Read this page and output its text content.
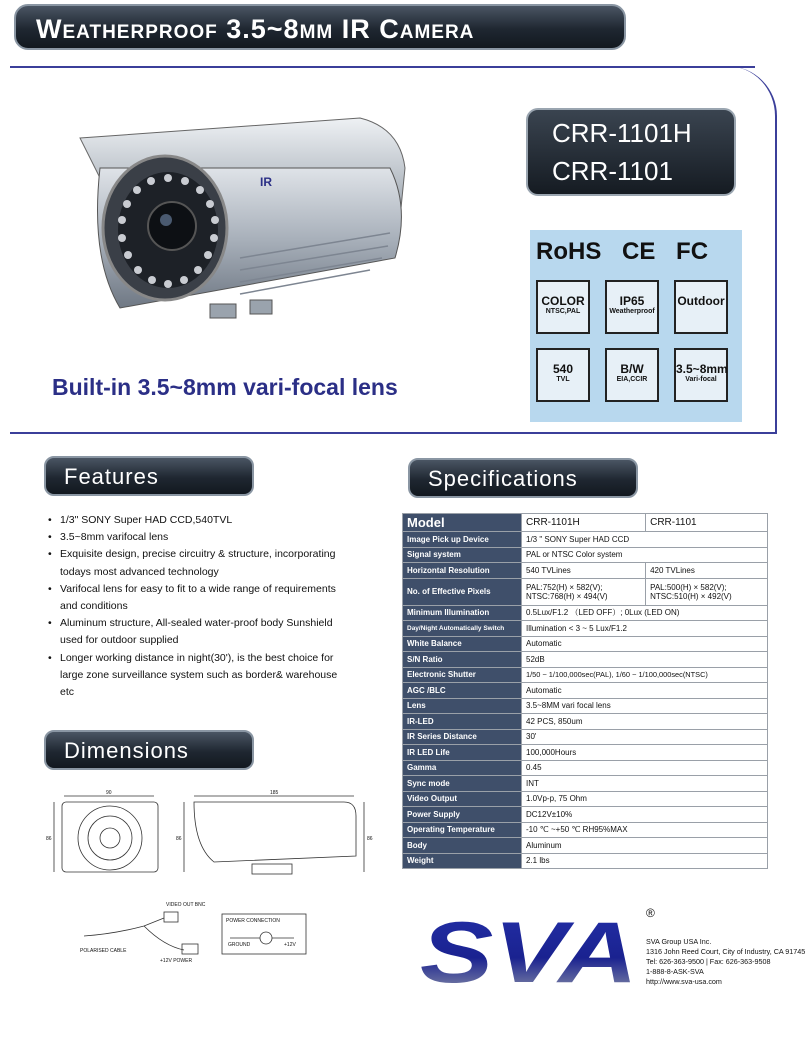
Weatherproof 3.5~8mm IR Camera
IR
Built-in 3.5~8mm vari-focal lens
CRR-1101H
CRR-1101
RoHS CE FC
COLOR
NTSC,PAL
IP65
Weatherproof
Outdoor
540
TVL
B/W
EIA,CCIR
3.5~8mm
Vari-focal
Features
• 1/3" SONY Super HAD CCD,540TVL
• 3.5~8mm varifocal lens
• Exquisite design, precise circuitry & structure, incorporating todays most advanced technology
• Varifocal lens for easy to fit to a wide range of requirements and conditions
• Aluminum structure, All-sealed water-proof body Sunshield used for outdoor supplied
• Longer working distance in night(30'), is the best choice for large zone surveillance system such as border& warehouse etc
Dimensions
90
86
185
86	86
VIDEO OUT BNC
+12V POWER
POLARISED CABLE
POWER CONNECTION
GROUND	+12V
Specifications
Model	CRR-1101H	CRR-1101
Image Pick up Device	1/3 " SONY Super HAD CCD	
Signal system	PAL or NTSC Color system	
Horizontal Resolution	540 TVLines	420 TVLines
No. of Effective Pixels	PAL:752(H) × 582(V); NTSC:768(H) × 494(V)	PAL:500(H) × 582(V); NTSC:510(H) × 492(V)
Minimum Illumination	0.5Lux/F1.2 （LED OFF）; 0Lux (LED ON)	
Day/Night Automatically Switch	Illumination < 3 ~ 5 Lux/F1.2	
White Balance	Automatic	
S/N Ratio	52dB	
Electronic Shutter	1/50 ~ 1/100,000sec(PAL), 1/60 ~ 1/100,000sec(NTSC)	
AGC /BLC	Automatic	
Lens	3.5~8MM vari focal lens	
IR-LED	42 PCS, 850um	
IR Series Distance	30'	
IR LED Life	100,000Hours	
Gamma	0.45	
Sync mode	INT	
Video Output	1.0Vp-p, 75 Ohm	
Power Supply	DC12V±10%	
Operating Temperature	-10 ℃ ~+50 ℃ RH95%MAX	
Body	Aluminum	
Weight	2.1 lbs	
SVA ®
SVA Group USA Inc.
1316 John Reed Court, City of Industry, CA 91745
Tel: 626-363-9500 | Fax: 626-363-9508
1-888-8-ASK-SVA
http://www.sva-usa.com
